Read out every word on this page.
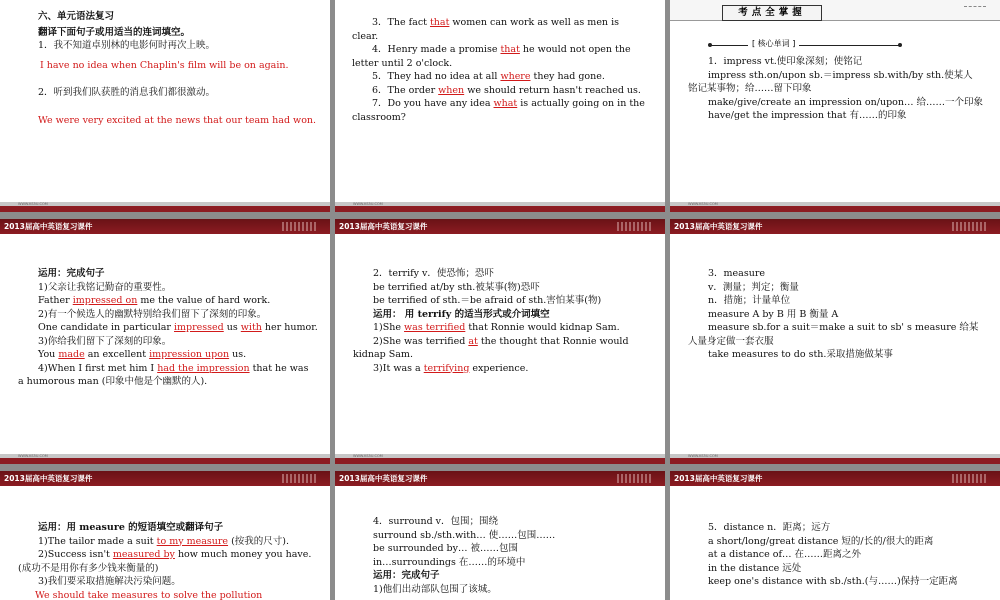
六、单元语法复习

翻译下面句子或用适当的连词填空。

1．我不知道卓别林的电影何时再次上映。

I have no idea when Chaplin's film will be on again.

2．听到我们队获胜的消息我们都很激动。

We were very excited at the news that our team had won.

WWW.KS5U.COM

3．The fact that women can work as well as men is clear.

4．Henry made a promise that he would not open the letter until 2 o'clock.

5．They had no idea at all where they had gone.

6．The order when we should return hasn't reached us.

7．Do you have any idea what is actually going on in the classroom?

WWW.KS5U.COM
考点全掌握
[ 核心单词 ]

1．impress vt.使印象深刻；使铭记

impress sth.on/upon sb.＝impress sb.with/by sth.使某人铭记某事物；给……留下印象

make/give/create an impression on/upon… 给……一个印象

have/get the impression that 有……的印象

WWW.KS5U.COM
2013届高中英语复习课件

运用：完成句子

1)父亲让我铭记勤奋的重要性。

Father impressed on me the value of hard work.

2)有一个候选人的幽默特别给我们留下了深刻的印象。

One candidate in particular impressed us with her humor.

3)你给我们留下了深刻的印象。

You made an excellent impression upon us.

4)When I first met him I had the impression that he was a humorous man (印象中他是个幽默的人).

WWW.KS5U.COM
2013届高中英语复习课件

2．terrify v．使恐怖；恐吓

be terrified at/by sth.被某事(物)恐吓

be terrified of sth.＝be afraid of sth.害怕某事(物)

运用： 用 terrify 的适当形式或介词填空

1)She was terrified that Ronnie would kidnap Sam.

2)She was terrified at the thought that Ronnie would kidnap Sam.

3)It was a terrifying experience.

WWW.KS5U.COM
2013届高中英语复习课件

3．measure

v．测量；判定；衡量

n．措施；计量单位

measure A by B 用 B 衡量 A

measure sb.for a suit＝make a suit to sb' s measure 给某人量身定做一套衣服

take measures to do sth.采取措施做某事

WWW.KS5U.COM
2013届高中英语复习课件

运用：用 measure 的短语填空或翻译句子

1)The tailor made a suit to my measure (按我的尺寸).

2)Success isn't measured by how much money you have.(成功不是用你有多少钱来衡量的)

3)我们要采取措施解决污染问题。

We should take measures to solve the pollution

2013届高中英语复习课件

4．surround v．包围；围绕

surround sb./sth.with… 使……包围……

be surrounded by… 被……包围

in…surroundings 在……的环境中

运用：完成句子

1)他们出动部队包围了该城。

2013届高中英语复习课件

5．distance n．距离；远方

a short/long/great distance 短的/长的/很大的距离

at a distance of… 在……距离之外

in the distance 远处

keep one's distance with sb./sth.(与……)保持一定距离
